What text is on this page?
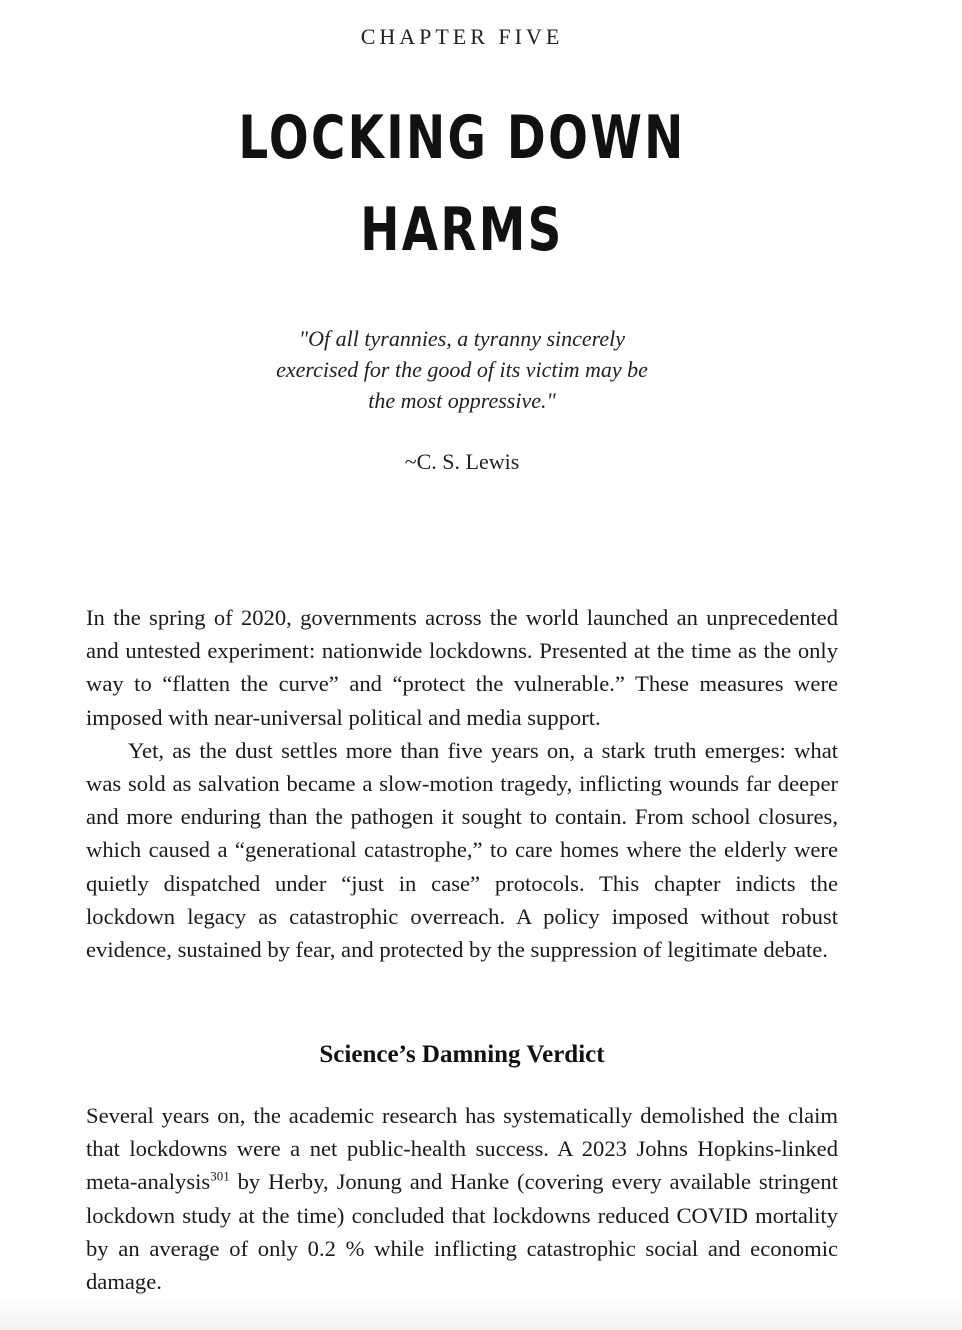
CHAPTER FIVE
LOCKING DOWN
HARMS
"Of all tyrannies, a tyranny sincerely
exercised for the good of its victim may be
the most oppressive."
~C. S. Lewis

In the spring of 2020, governments across the world launched an unprecedented and untested experiment: nationwide lockdowns. Presented at the time as the only way to “flatten the curve” and “protect the vulnerable.” These measures were imposed with near-universal political and media support.

Yet, as the dust settles more than five years on, a stark truth emerges: what was sold as salvation became a slow-motion tragedy, inflicting wounds far deeper and more enduring than the pathogen it sought to contain. From school closures, which caused a “generational catastrophe,” to care homes where the elderly were quietly dispatched under “just in case” protocols. This chapter indicts the lockdown legacy as catastrophic overreach. A policy imposed without robust evidence, sustained by fear, and protected by the suppression of legitimate debate.

Science’s Damning Verdict

Several years on, the academic research has systematically demolished the claim that lockdowns were a net public-health success. A 2023 Johns Hopkins-linked meta-analysis$^{301}$ by Herby, Jonung and Hanke (covering every available stringent lockdown study at the time) concluded that lockdowns reduced COVID mortality by an average of only 0.2 % while inflicting catastrophic social and economic damage.
